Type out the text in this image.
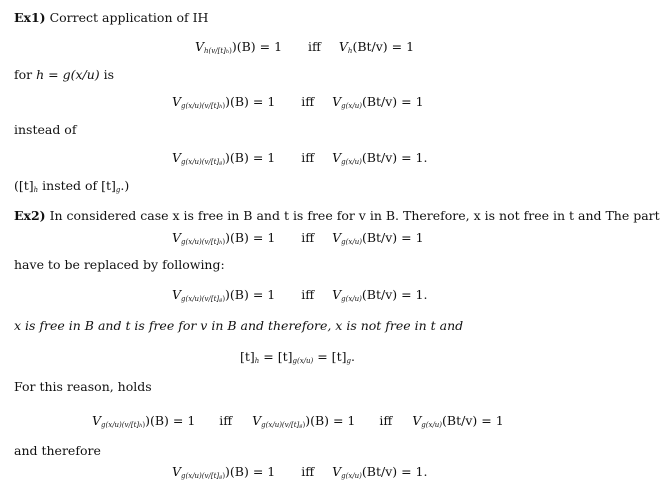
Ex1) Correct application of IH
$V_{h(v/[t]h)})(B) = 1$ iff $V_h(Bt/v) = 1$
for h = g(x/u) is
$V_{g(x/u)(v/[t]h)})(B) = 1$ iff $V_{g(x/u)}(Bt/v) = 1$
instead of
$V_{g(x/u)(v/[t]g)})(B) = 1$ iff $V_{g(x/u)}(Bt/v) = 1$.
($[t]_h$ insted of $[t]_g$.)
Ex2) In considered case x is free in B and t is free for v in B. Therefore, x is not free in t and The part
$V_{g(x/u)(v/[t]h)})(B) = 1$ iff $V_{g(x/u)}(Bt/v) = 1$
have to be replaced by following:
$V_{g(x/u)(v/[t]g)})(B) = 1$ iff $V_{g(x/u)}(Bt/v) = 1$.
x is free in B and t is free for v in B and therefore, x is not free in t and
$[t]_h = [t]_{g(x/u)} = [t]_g$.
For this reason, holds
$V_{g(x/u)(v/[t]h)})(B) = 1$ iff $V_{g(x/u)(v/[t]g)})(B) = 1$ iff $V_{g(x/u)}(Bt/v) = 1$
and therefore
$V_{g(x/u)(v/[t]g)})(B) = 1$ iff $V_{g(x/u)}(Bt/v) = 1$.
